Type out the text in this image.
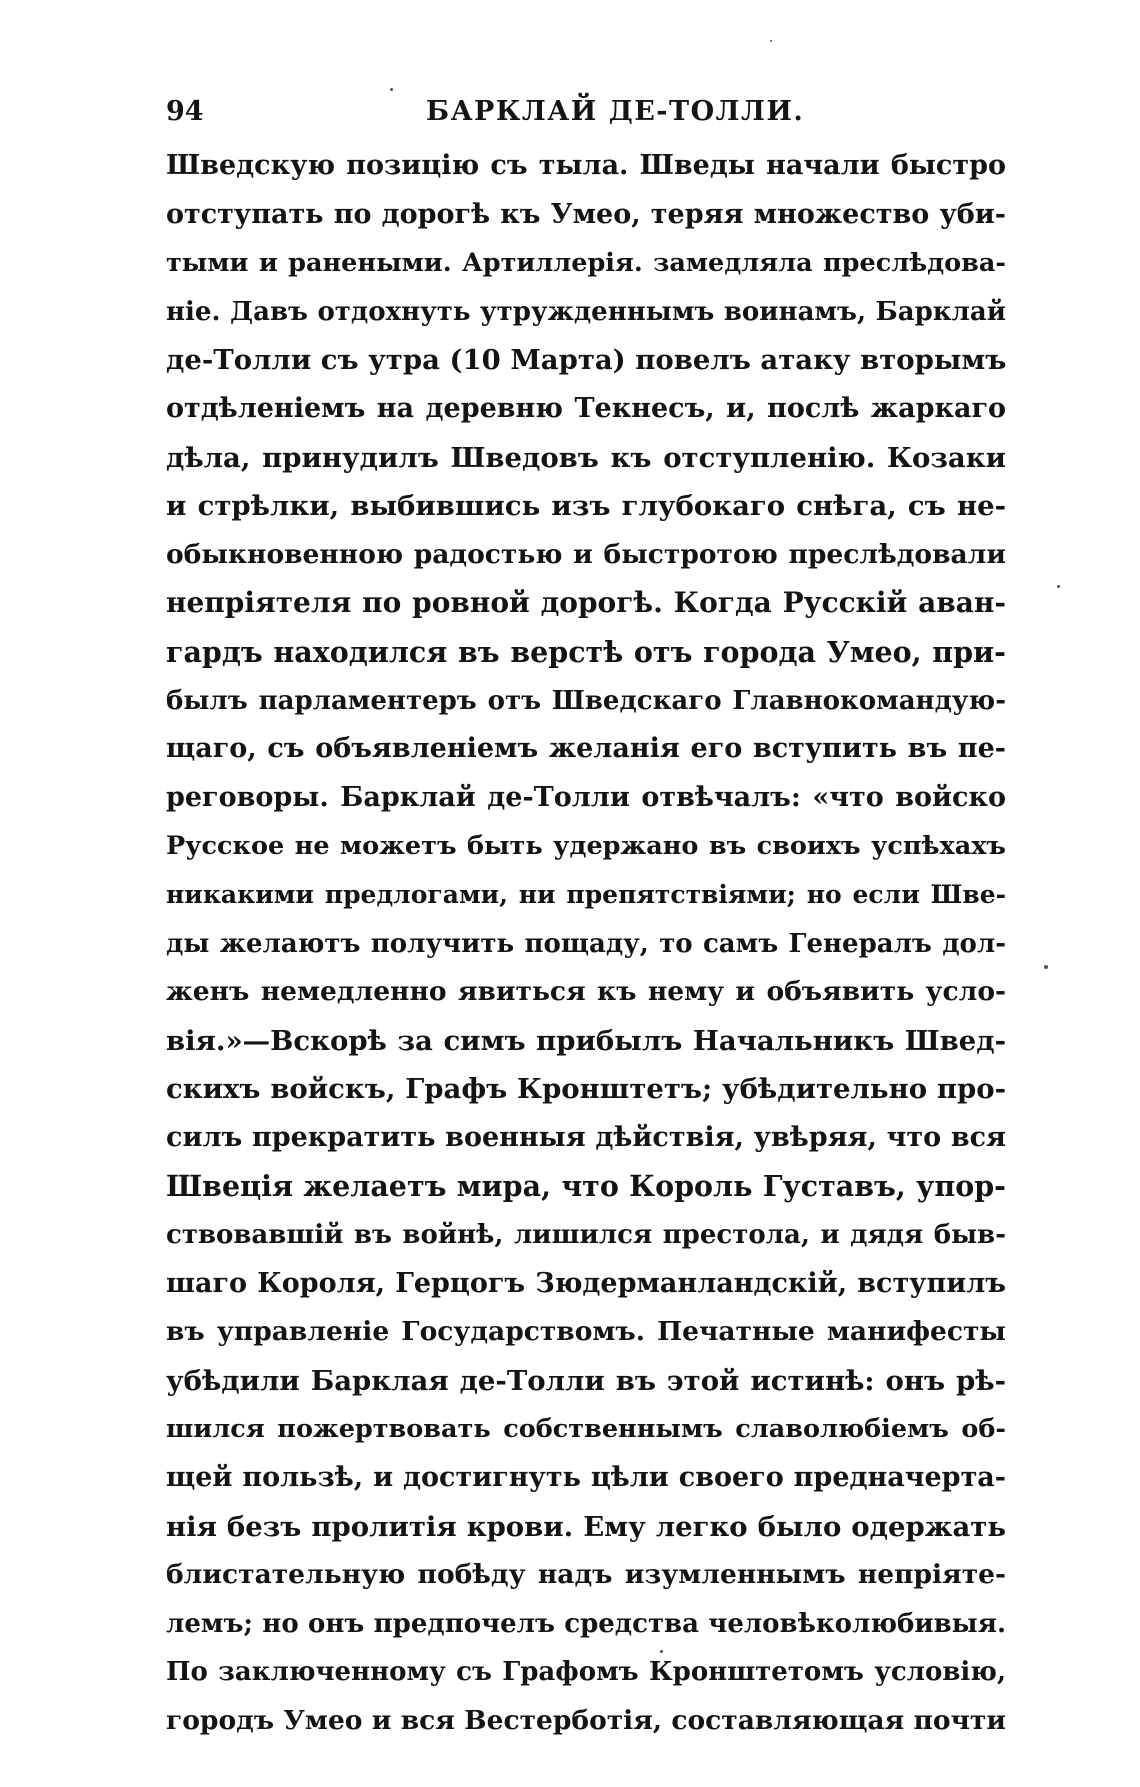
94	БАРКЛАЙ ДЕ-ТОЛЛИ.
Шведскую позицію съ тыла. Шведы начали быстро
отступать по дорогѣ къ Умео, теряя множество уби-
тыми и ранеными. Артиллерія. замедляла преслѣдова-
ніе. Давъ отдохнуть утружденнымъ воинамъ, Барклай
де-Толли съ утра (10 Марта) повелъ атаку вторымъ
отдѣленіемъ на деревню Текнесъ, и, послѣ жаркаго
дѣла, принудилъ Шведовъ къ отступленію. Козаки
и стрѣлки, выбившись изъ глубокаго снѣга, съ не-
обыкновенною радостью и быстротою преслѣдовали
непріятеля по ровной дорогѣ. Когда Русскій аван-
гардъ находился въ верстѣ отъ города Умео, при-
былъ парламентеръ отъ Шведскаго Главнокомандую-
щаго, съ объявленіемъ желанія его вступить въ пе-
реговоры. Барклай де-Толли отвѣчалъ: «что войско
Русское не можетъ быть удержано въ своихъ успѣхахъ
никакими предлогами, ни препятствіями; но если Шве-
ды желаютъ получить пощаду, то самъ Генералъ дол-
женъ немедленно явиться къ нему и объявить усло-
вія.»—Вскорѣ за симъ прибылъ Начальникъ Швед-
скихъ войскъ, Графъ Кронштетъ; убѣдительно про-
силъ прекратить военныя дѣйствія, увѣряя, что вся
Швеція желаетъ мира, что Король Густавъ, упор-
ствовавшій въ войнѣ, лишился престола, и дядя быв-
шаго Короля, Герцогъ Зюдерманландскій, вступилъ
въ управленіе Государствомъ. Печатные манифесты
убѣдили Барклая де-Толли въ этой истинѣ: онъ рѣ-
шился пожертвовать собственнымъ славолюбіемъ об-
щей пользѣ, и достигнуть цѣли своего предначерта-
нія безъ пролитія крови. Ему легко было одержать
блистательную побѣду надъ изумленнымъ непріяте-
лемъ; но онъ предпочелъ средства человѣколюбивыя.
По заключенному съ Графомъ Кронштетомъ условію,
городъ Умео и вся Вестерботія, составляющая почти
